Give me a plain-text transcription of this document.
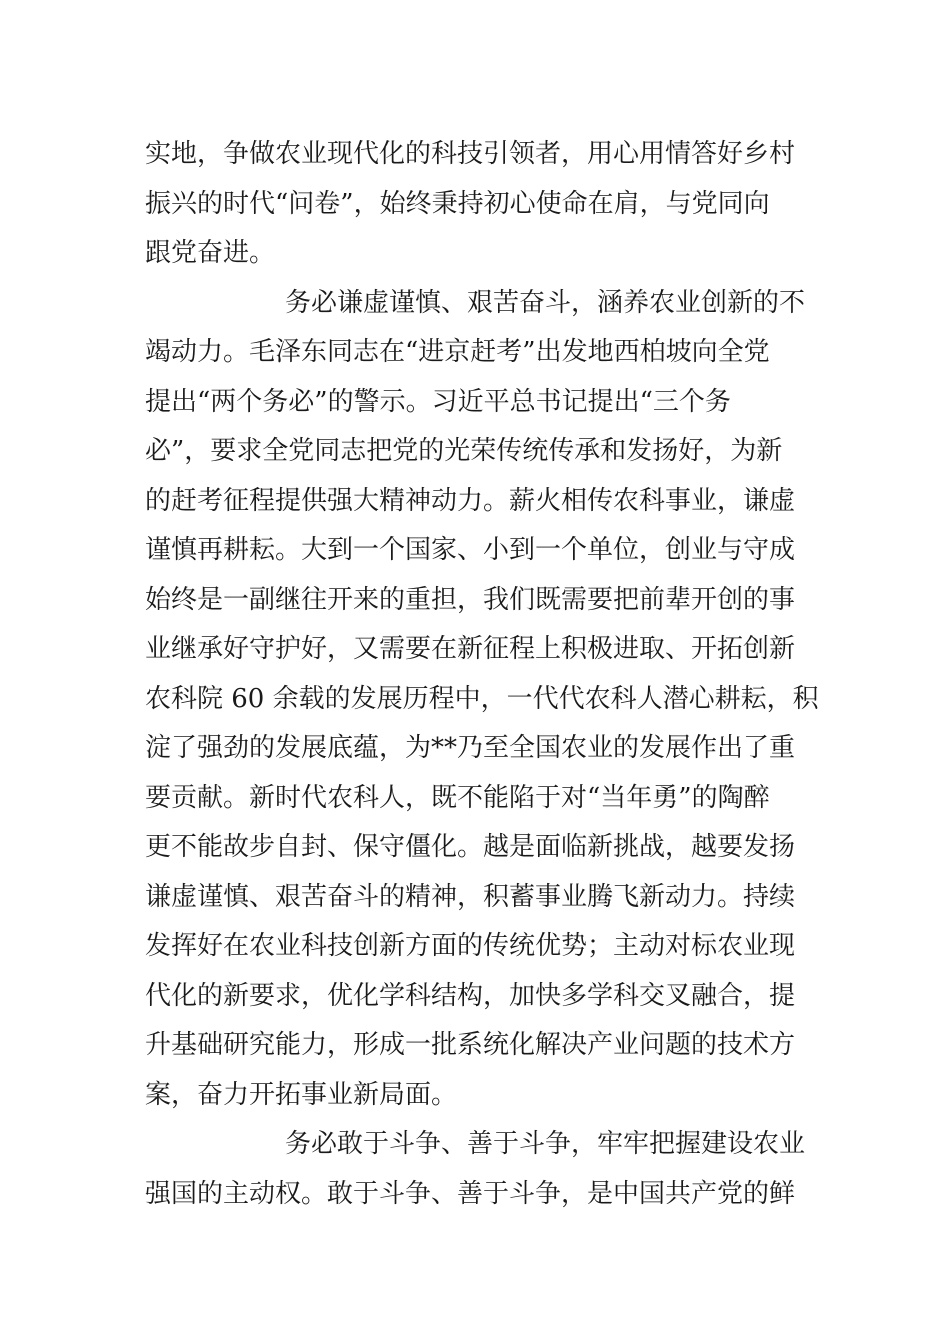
实地，争做农业现代化的科技引领者，用心用情答好乡村
振兴的时代“问卷”，始终秉持初心使命在肩，与党同向
跟党奋进。
务必谦虚谨慎、艰苦奋斗，涵养农业创新的不
竭动力。毛泽东同志在“进京赶考”出发地西柏坡向全党
提出“两个务必”的警示。习近平总书记提出“三个务
必”，要求全党同志把党的光荣传统传承和发扬好，为新
的赶考征程提供强大精神动力。薪火相传农科事业，谦虚
谨慎再耕耘。大到一个国家、小到一个单位，创业与守成
始终是一副继往开来的重担，我们既需要把前辈开创的事
业继承好守护好，又需要在新征程上积极进取、开拓创新
农科院 60 余载的发展历程中，一代代农科人潜心耕耘，积
淀了强劲的发展底蕴，为**乃至全国农业的发展作出了重
要贡献。新时代农科人，既不能陷于对“当年勇”的陶醉
更不能故步自封、保守僵化。越是面临新挑战，越要发扬
谦虚谨慎、艰苦奋斗的精神，积蓄事业腾飞新动力。持续
发挥好在农业科技创新方面的传统优势；主动对标农业现
代化的新要求，优化学科结构，加快多学科交叉融合，提
升基础研究能力，形成一批系统化解决产业问题的技术方
案，奋力开拓事业新局面。
务必敢于斗争、善于斗争，牢牢把握建设农业
强国的主动权。敢于斗争、善于斗争，是中国共产党的鲜
